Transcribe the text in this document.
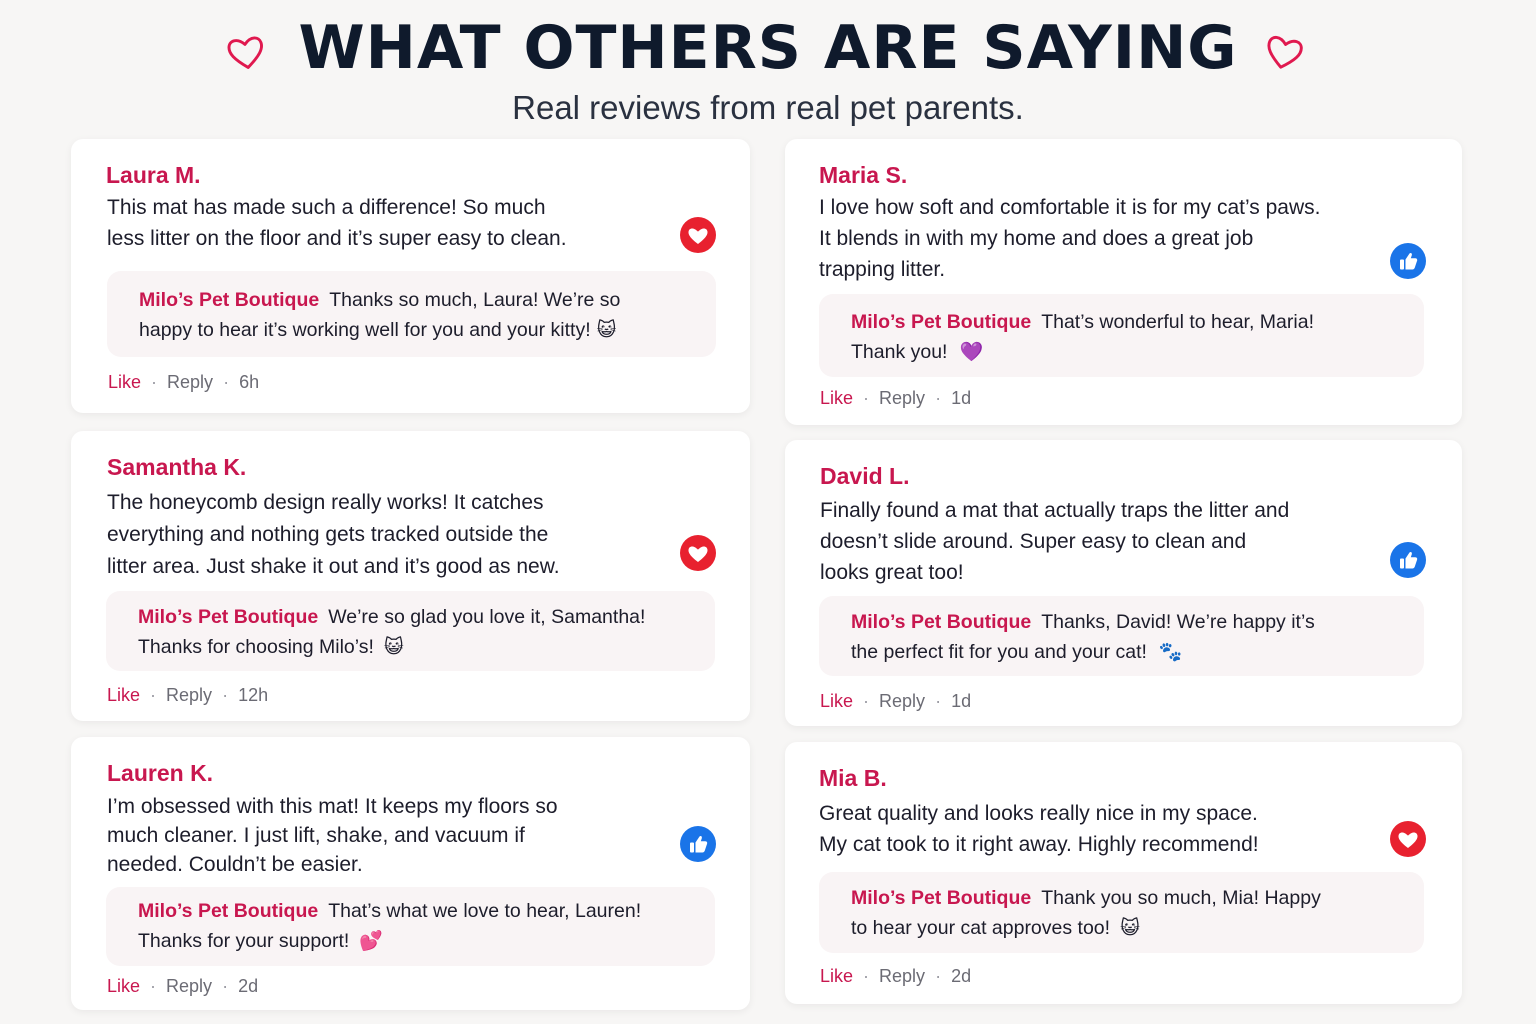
WHAT OTHERS ARE SAYING
Real reviews from real pet parents.
Laura M.
This mat has made such a difference! So much
less litter on the floor and it’s super easy to clean.
Milo’s Pet Boutique Thanks so much, Laura! We’re so
happy to hear it’s working well for you and your kitty! 😺
Like · Reply · 6h
Maria S.
I love how soft and comfortable it is for my cat’s paws.
It blends in with my home and does a great job
trapping litter.
Milo’s Pet Boutique That’s wonderful to hear, Maria!
Thank you! 💜
Like · Reply · 1d
Samantha K.
The honeycomb design really works! It catches
everything and nothing gets tracked outside the
litter area. Just shake it out and it’s good as new.
Milo’s Pet Boutique We’re so glad you love it, Samantha!
Thanks for choosing Milo’s! 😺
Like · Reply · 12h
David L.
Finally found a mat that actually traps the litter and
doesn’t slide around. Super easy to clean and
looks great too!
Milo’s Pet Boutique Thanks, David! We’re happy it’s
the perfect fit for you and your cat! 🐾
Like · Reply · 1d
Lauren K.
I’m obsessed with this mat! It keeps my floors so
much cleaner. I just lift, shake, and vacuum if
needed. Couldn’t be easier.
Milo’s Pet Boutique That’s what we love to hear, Lauren!
Thanks for your support! 💕
Like · Reply · 2d
Mia B.
Great quality and looks really nice in my space.
My cat took to it right away. Highly recommend!
Milo’s Pet Boutique Thank you so much, Mia! Happy
to hear your cat approves too! 😺
Like · Reply · 2d
